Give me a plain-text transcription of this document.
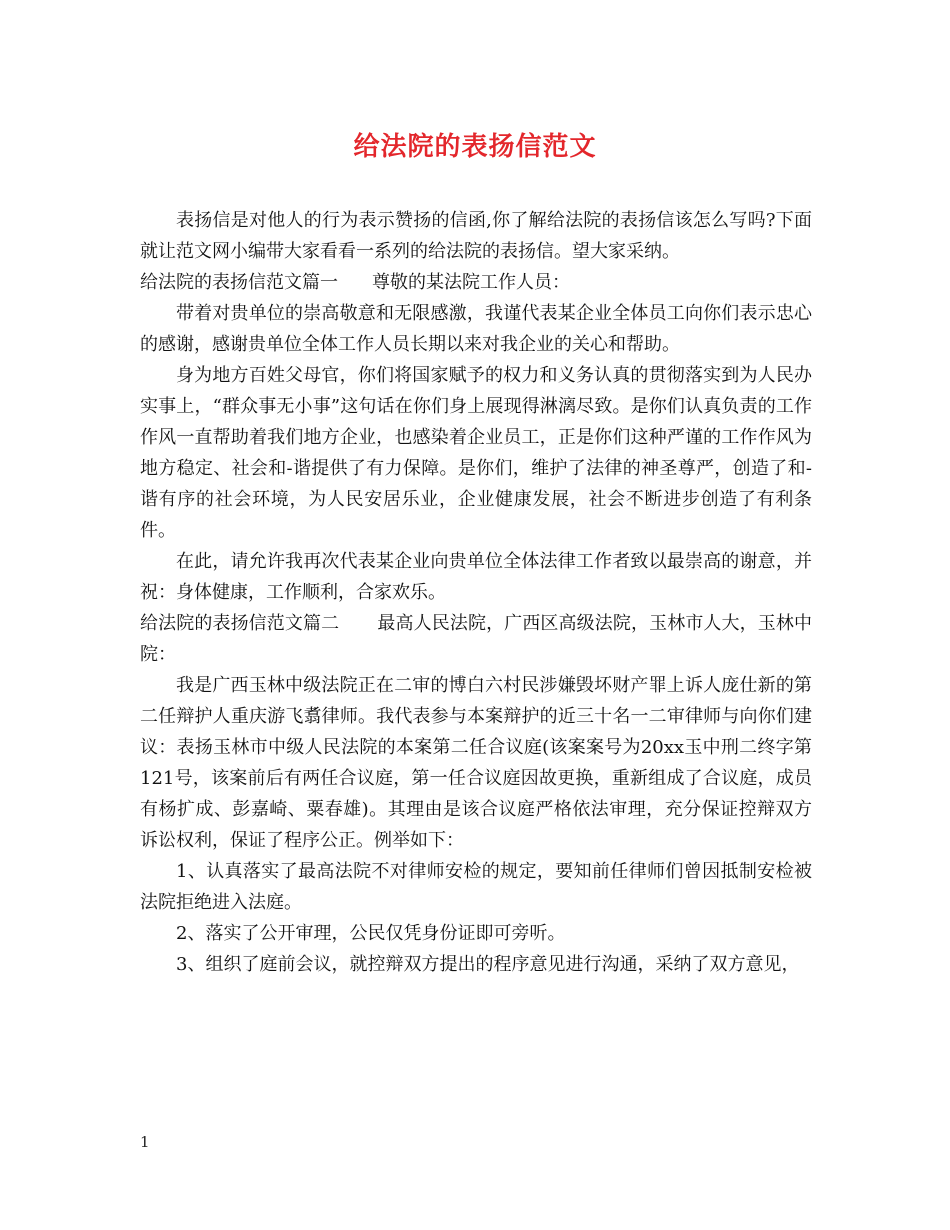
给法院的表扬信范文

表扬信是对他人的行为表示赞扬的信函,你了解给法院的表扬信该怎么写吗?下面就让范文网小编带大家看看一系列的给法院的表扬信。望大家采纳。

给法院的表扬信范文篇一 尊敬的某法院工作人员：

带着对贵单位的崇高敬意和无限感激，我谨代表某企业全体员工向你们表示忠心的感谢，感谢贵单位全体工作人员长期以来对我企业的关心和帮助。

身为地方百姓父母官，你们将国家赋予的权力和义务认真的贯彻落实到为人民办实事上，“群众事无小事”这句话在你们身上展现得淋漓尽致。是你们认真负责的工作作风一直帮助着我们地方企业，也感染着企业员工，正是你们这种严谨的工作作风为地方稳定、社会和-谐提供了有力保障。是你们，维护了法律的神圣尊严，创造了和-谐有序的社会环境，为人民安居乐业，企业健康发展，社会不断进步创造了有利条件。

在此，请允许我再次代表某企业向贵单位全体法律工作者致以最崇高的谢意，并祝：身体健康，工作顺利，合家欢乐。

给法院的表扬信范文篇二 最高人民法院，广西区高级法院，玉林市人大，玉林中院：

我是广西玉林中级法院正在二审的博白六村民涉嫌毁坏财产罪上诉人庞仕新的第二任辩护人重庆游飞翥律师。我代表参与本案辩护的近三十名一二审律师与向你们建议：表扬玉林市中级人民法院的本案第二任合议庭(该案案号为20xx玉中刑二终字第121号，该案前后有两任合议庭，第一任合议庭因故更换，重新组成了合议庭，成员有杨扩成、彭嘉崎、粟春雄)。其理由是该合议庭严格依法审理，充分保证控辩双方诉讼权利，保证了程序公正。例举如下：

1、认真落实了最高法院不对律师安检的规定，要知前任律师们曾因抵制安检被法院拒绝进入法庭。

2、落实了公开审理，公民仅凭身份证即可旁听。

3、组织了庭前会议，就控辩双方提出的程序意见进行沟通，采纳了双方意见，

1
